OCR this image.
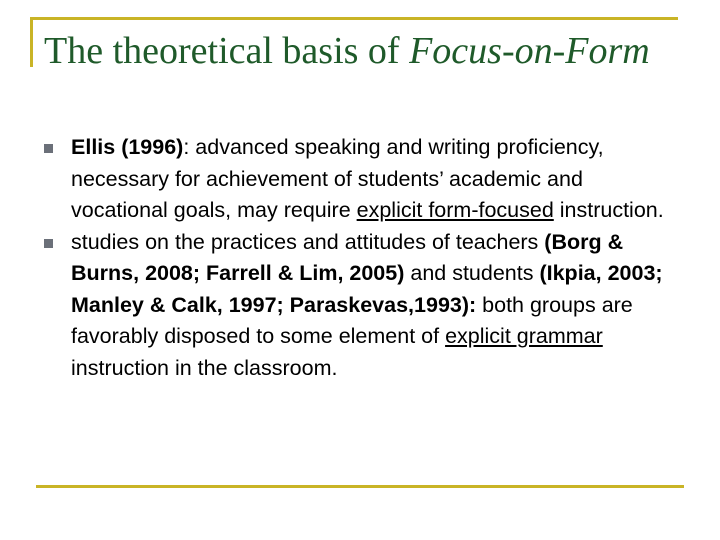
The theoretical basis of Focus-on-Form
Ellis (1996): advanced speaking and writing proficiency, necessary for achievement of students’ academic and vocational goals, may require explicit form-focused instruction.
studies on the practices and attitudes of teachers (Borg & Burns, 2008; Farrell & Lim, 2005) and students (Ikpia, 2003; Manley & Calk, 1997; Paraskevas,1993): both groups are favorably disposed to some element of explicit grammar instruction in the classroom.
